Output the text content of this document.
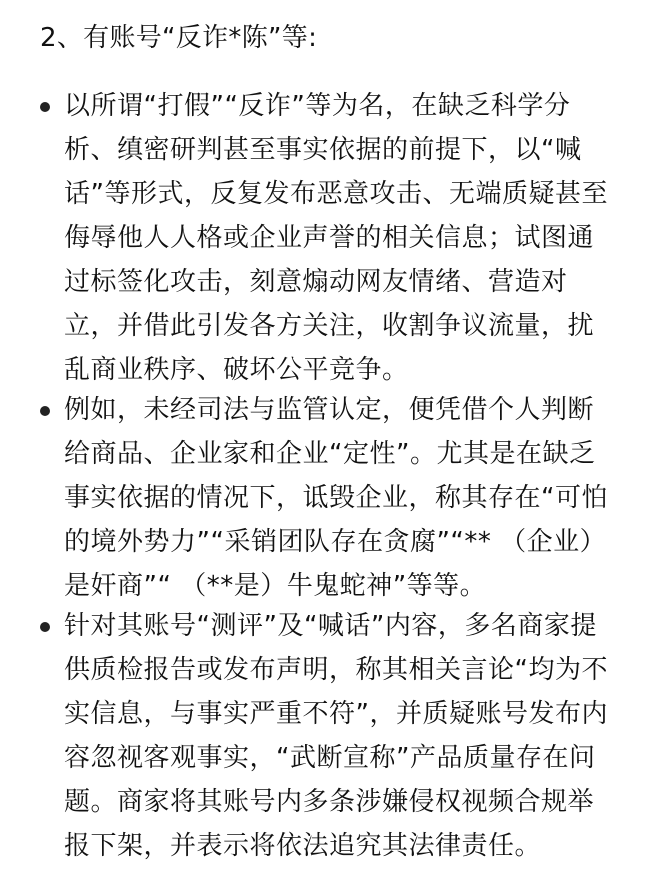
2、有账号“反诈*陈”等:
以所谓“打假”“反诈”等为名，在缺乏科学分
析、缜密研判甚至事实依据的前提下，以“喊
话”等形式，反复发布恶意攻击、无端质疑甚至
侮辱他人人格或企业声誉的相关信息；试图通
过标签化攻击，刻意煽动网友情绪、营造对
立，并借此引发各方关注，收割争议流量，扰
乱商业秩序、破坏公平竞争。
例如，未经司法与监管认定，便凭借个人判断
给商品、企业家和企业“定性”。尤其是在缺乏
事实依据的情况下，诋毁企业，称其存在“可怕
的境外势力”“采销团队存在贪腐”“** （企业）
是奸商”“ （**是）牛鬼蛇神”等等。
针对其账号“测评”及“喊话”内容，多名商家提
供质检报告或发布声明，称其相关言论“均为不
实信息，与事实严重不符”，并质疑账号发布内
容忽视客观事实，“武断宣称”产品质量存在问
题。商家将其账号内多条涉嫌侵权视频合规举
报下架，并表示将依法追究其法律责任。
